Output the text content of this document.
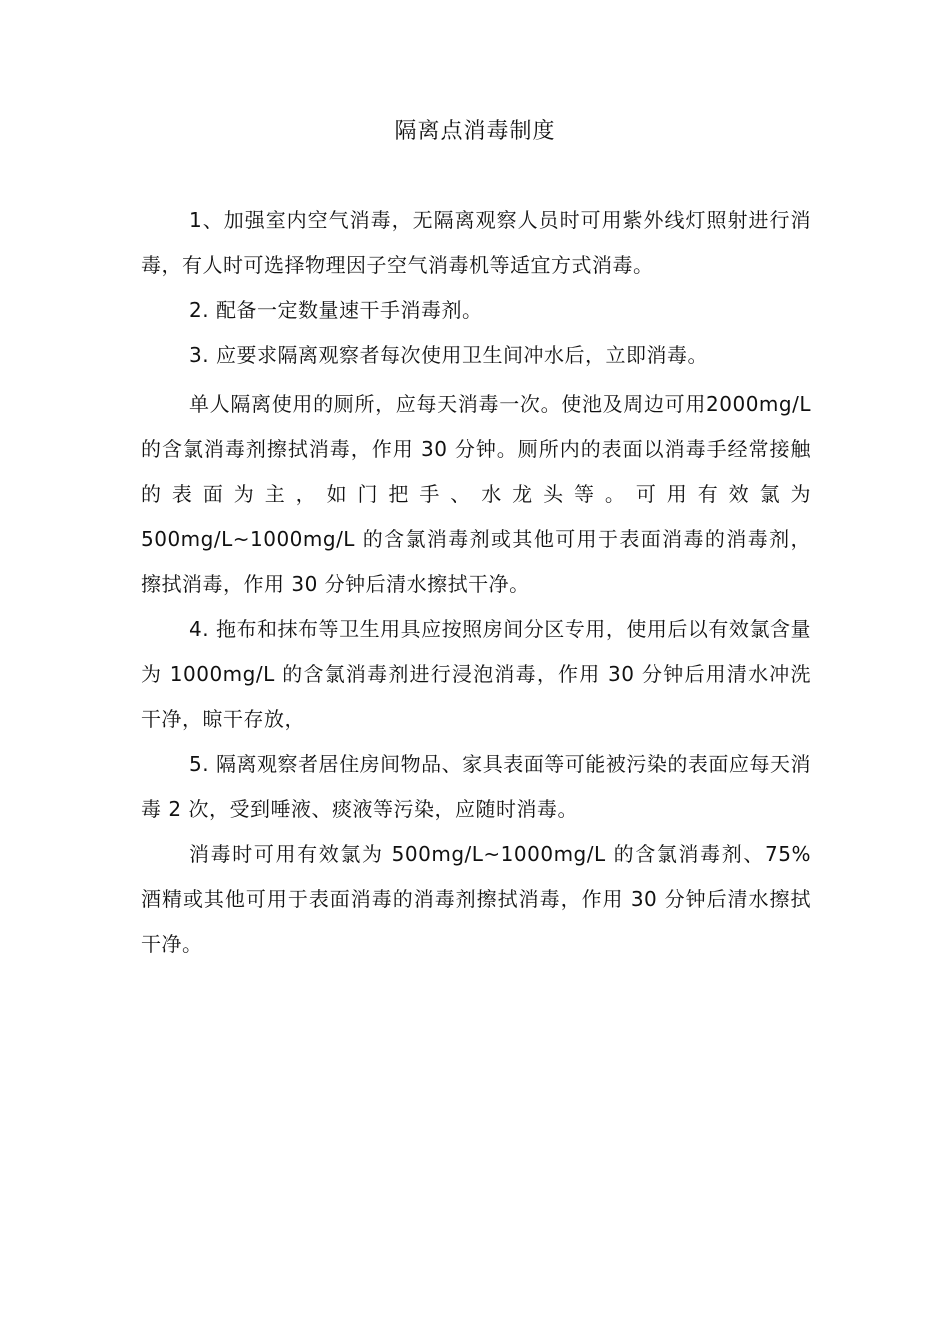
隔离点消毒制度

1、加强室内空气消毒，无隔离观察人员时可用紫外线灯照射进行消毒，有人时可选择物理因子空气消毒机等适宜方式消毒。

2. 配备一定数量速干手消毒剂。

3. 应要求隔离观察者每次使用卫生间冲水后，立即消毒。

单人隔离使用的厕所，应每天消毒一次。使池及周边可用2000mg/L 的含氯消毒剂擦拭消毒，作用 30 分钟。厕所内的表面以消毒手经常接触的表面为主，如门把手、水龙头等。可用有效氯为 500mg/L~1000mg/L 的含氯消毒剂或其他可用于表面消毒的消毒剂，擦拭消毒，作用 30 分钟后清水擦拭干净。

4. 拖布和抹布等卫生用具应按照房间分区专用，使用后以有效氯含量为 1000mg/L 的含氯消毒剂进行浸泡消毒，作用 30 分钟后用清水冲洗干净，晾干存放，

5. 隔离观察者居住房间物品、家具表面等可能被污染的表面应每天消毒 2 次，受到唾液、痰液等污染，应随时消毒。

消毒时可用有效氯为 500mg/L~1000mg/L 的含氯消毒剂、75%酒精或其他可用于表面消毒的消毒剂擦拭消毒，作用 30 分钟后清水擦拭干净。
